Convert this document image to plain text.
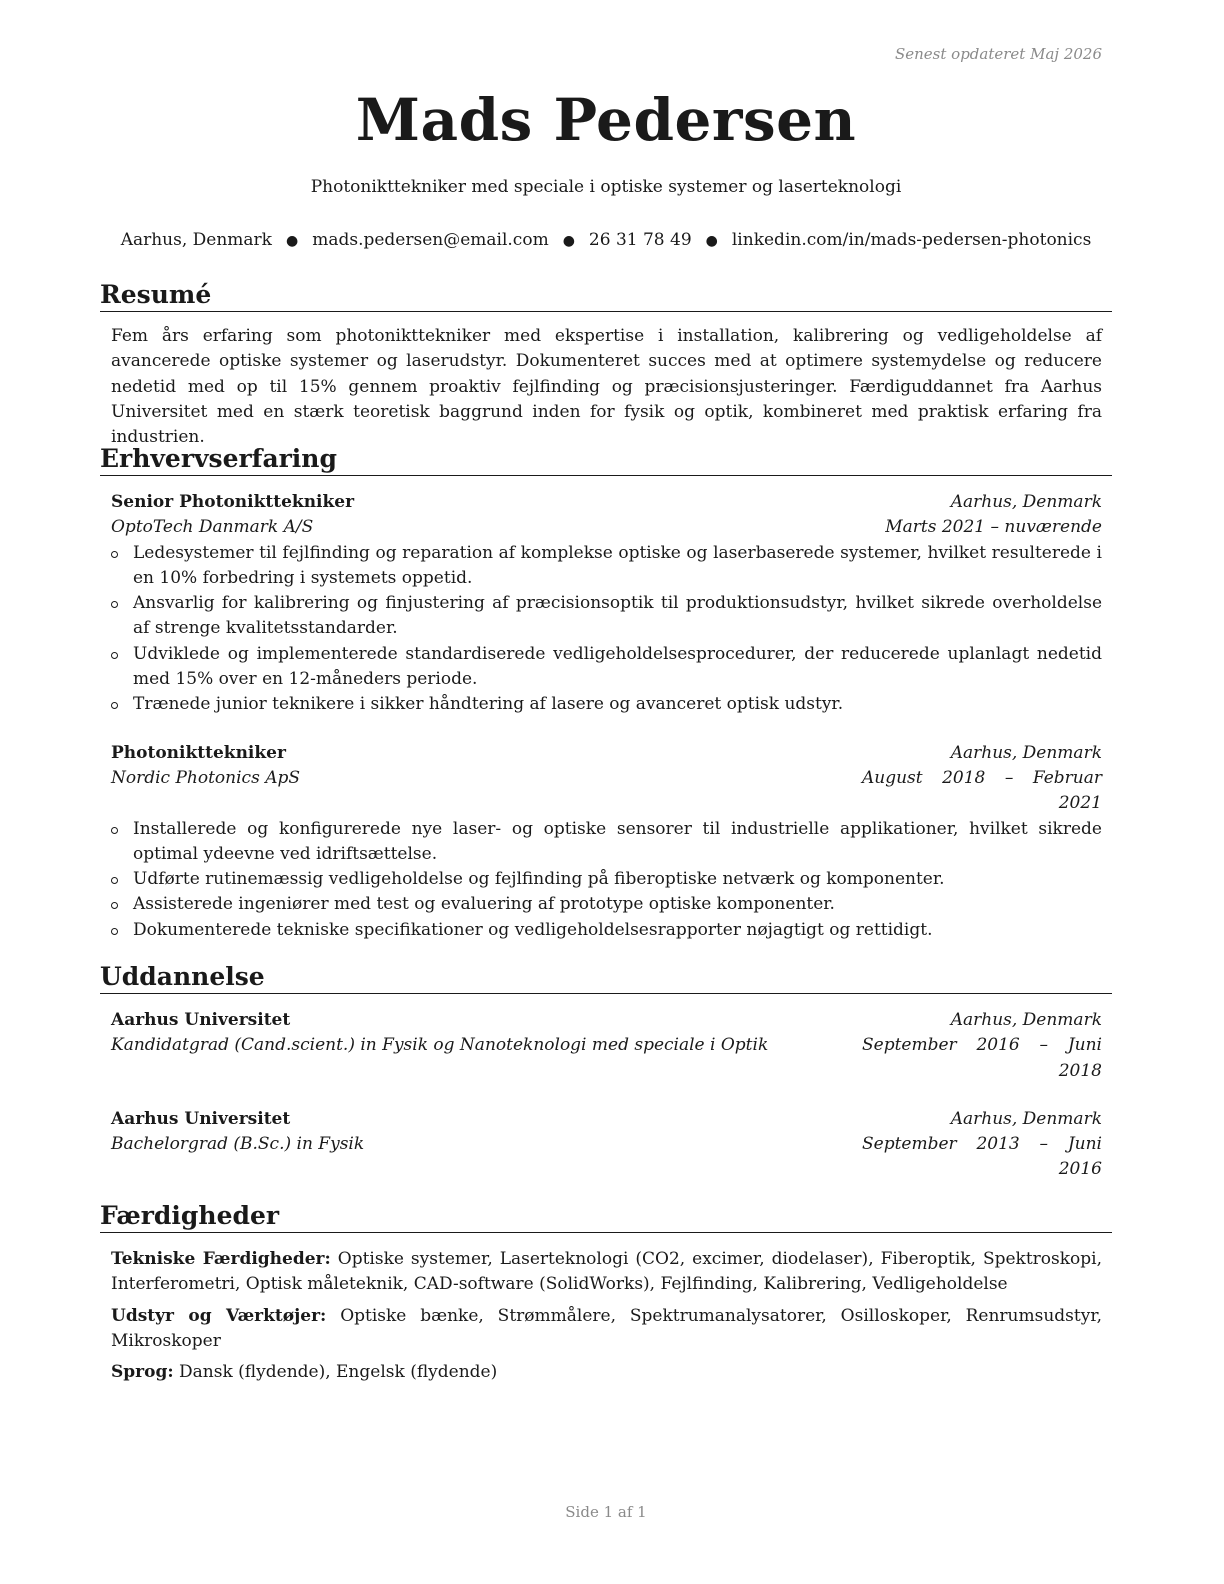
Senest opdateret Maj 2026
Mads Pedersen
Photonikttekniker med speciale i optiske systemer og laserteknologi
Aarhus, Denmark ● mads.pedersen@email.com ● 26 31 78 49 ● linkedin.com/in/mads-pedersen-photonics
Resumé
Fem års erfaring som photonikttekniker med ekspertise i installation, kalibrering og vedligeholdelse af avancerede optiske systemer og laserudstyr. Dokumenteret succes med at optimere systemydelse og reducere nedetid med op til 15% gennem proaktiv fejlfinding og præcisionsjusteringer. Færdiguddannet fra Aarhus Universitet med en stærk teoretisk baggrund inden for fysik og optik, kombineret med praktisk erfaring fra industrien.
Erhvervserfaring
Senior Photonikttekniker	Aarhus, Denmark
OptoTech Danmark A/S	Marts 2021 – nuværende
Ledesystemer til fejlfinding og reparation af komplekse optiske og laserbaserede systemer, hvilket resulterede i en 10% forbedring i systemets oppetid.
Ansvarlig for kalibrering og finjustering af præcisionsoptik til produktionsudstyr, hvilket sikrede overholdelse af strenge kvalitetsstandarder.
Udviklede og implementerede standardiserede vedligeholdelsesprocedurer, der reducerede uplanlagt nedetid med 15% over en 12-måneders periode.
Trænede junior teknikere i sikker håndtering af lasere og avanceret optisk udstyr.
Photonikttekniker	Aarhus, Denmark
Nordic Photonics ApS	August 2018 – Februar 2021
Installerede og konfigurerede nye laser- og optiske sensorer til industrielle applikationer, hvilket sikrede optimal ydeevne ved idriftsættelse.
Udførte rutinemæssig vedligeholdelse og fejlfinding på fiberoptiske netværk og komponenter.
Assisterede ingeniører med test og evaluering af prototype optiske komponenter.
Dokumenterede tekniske specifikationer og vedligeholdelsesrapporter nøjagtigt og rettidigt.
Uddannelse
Aarhus Universitet	Aarhus, Denmark
Kandidatgrad (Cand.scient.) in Fysik og Nanoteknologi med speciale i Optik	September 2016 – Juni 2018
Aarhus Universitet	Aarhus, Denmark
Bachelorgrad (B.Sc.) in Fysik	September 2013 – Juni 2016
Færdigheder
Tekniske Færdigheder: Optiske systemer, Laserteknologi (CO2, excimer, diodelaser), Fiberoptik, Spektroskopi, Interferometri, Optisk måleteknik, CAD-software (SolidWorks), Fejlfinding, Kalibrering, Vedligeholdelse
Udstyr og Værktøjer: Optiske bænke, Strømmålere, Spektrumanalysatorer, Osilloskoper, Renrumsudstyr, Mikroskoper
Sprog: Dansk (flydende), Engelsk (flydende)
Side 1 af 1
